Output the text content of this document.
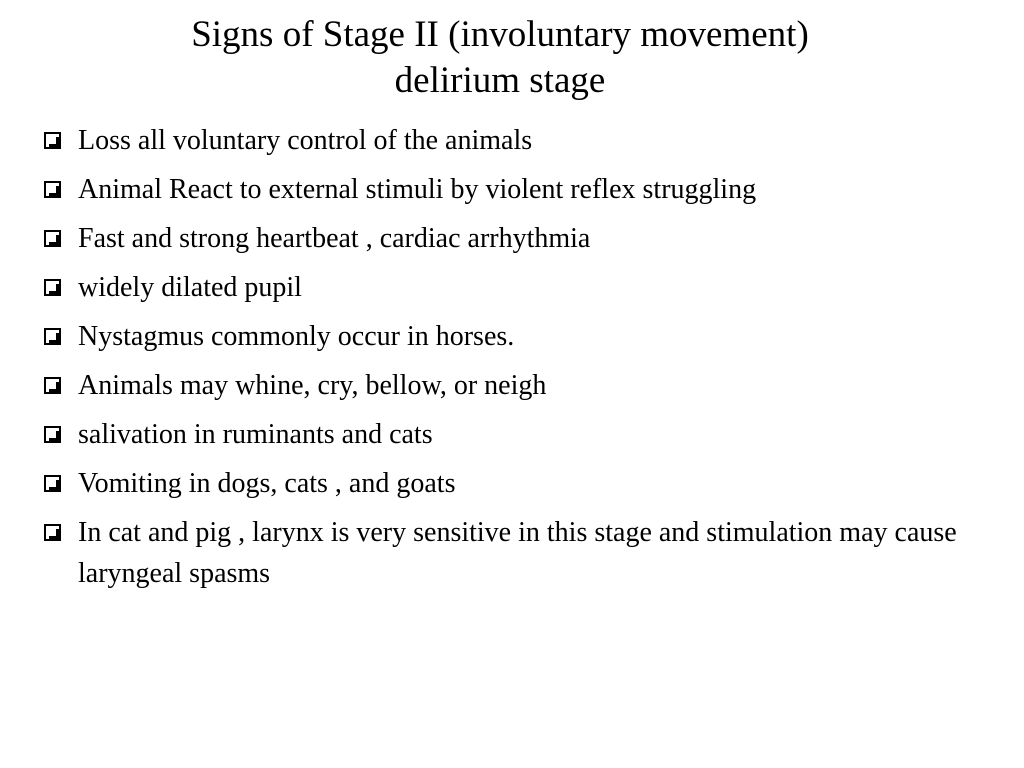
Signs of Stage II (involuntary movement)
delirium stage
Loss all voluntary control of the animals
Animal React to external stimuli by violent reflex struggling
Fast and strong heartbeat , cardiac arrhythmia
widely dilated pupil
Nystagmus commonly occur in horses.
Animals may whine, cry, bellow, or neigh
salivation in ruminants and cats
Vomiting in dogs, cats , and goats
In cat and pig , larynx is very sensitive in this stage and stimulation may cause laryngeal spasms
